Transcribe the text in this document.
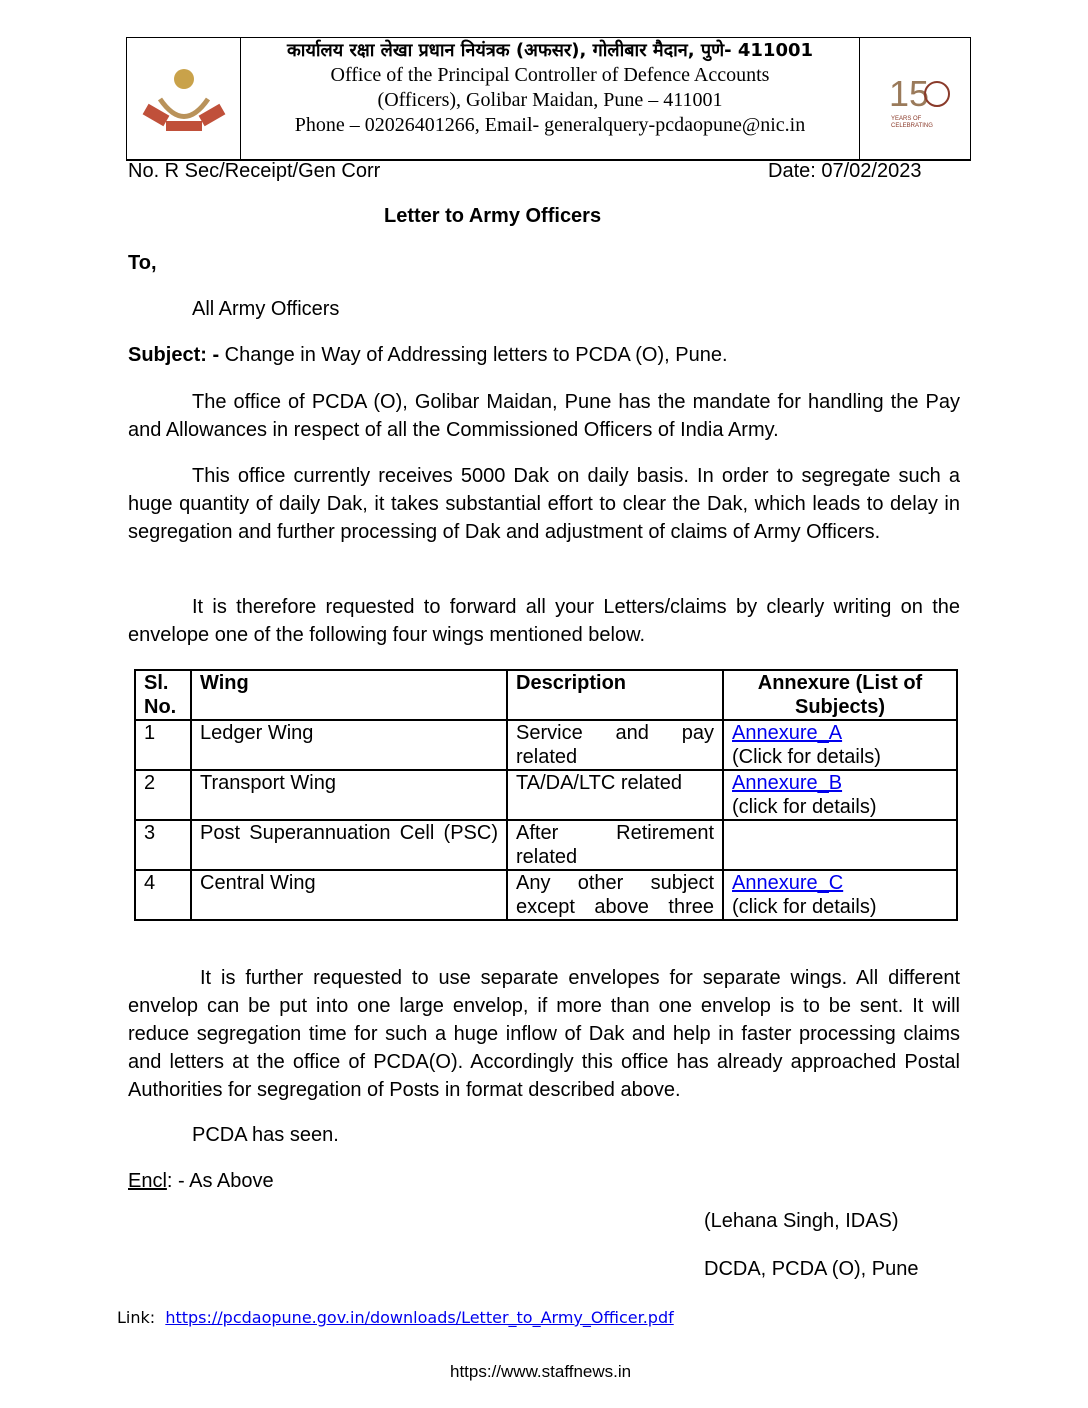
कार्यालय रक्षा लेखा प्रधान नियंत्रक (अफसर), गोलीबार मैदान, पुणे- 411001
Office of the Principal Controller of Defence Accounts
(Officers), Golibar Maidan, Pune – 411001
Phone – 02026401266, Email- generalquery-pcdaopune@nic.in
15
YEARS OF
CELEBRATING
No. R Sec/Receipt/Gen Corr	Date: 07/02/2023
Letter to Army Officers
To,
All Army Officers
Subject: - Change in Way of Addressing letters to PCDA (O), Pune.
The office of PCDA (O), Golibar Maidan, Pune has the mandate for handling the Pay and Allowances in respect of all the Commissioned Officers of India Army.
This office currently receives 5000 Dak on daily basis. In order to segregate such a huge quantity of daily Dak, it takes substantial effort to clear the Dak, which leads to delay in segregation and further processing of Dak and adjustment of claims of Army Officers.
It is therefore requested to forward all your Letters/claims by clearly writing on the envelope one of the following four wings mentioned below.
Sl. No.	Wing	Description	Annexure (List of Subjects)
1	Ledger Wing	Service and pay related	Annexure_A
(Click for details)
2	Transport Wing	TA/DA/LTC related	Annexure_B
(click for details)
3	Post Superannuation Cell (PSC)	After Retirement related	
4	Central Wing	Any other subject except above three	Annexure_C
(click for details)
It is further requested to use separate envelopes for separate wings. All different envelop can be put into one large envelop, if more than one envelop is to be sent. It will reduce segregation time for such a huge inflow of Dak and help in faster processing claims and letters at the office of PCDA(O). Accordingly this office has already approached Postal Authorities for segregation of Posts in format described above.
PCDA has seen.
Encl: - As Above
(Lehana Singh, IDAS)
DCDA, PCDA (O), Pune
Link: https://pcdaopune.gov.in/downloads/Letter_to_Army_Officer.pdf
https://www.staffnews.in
